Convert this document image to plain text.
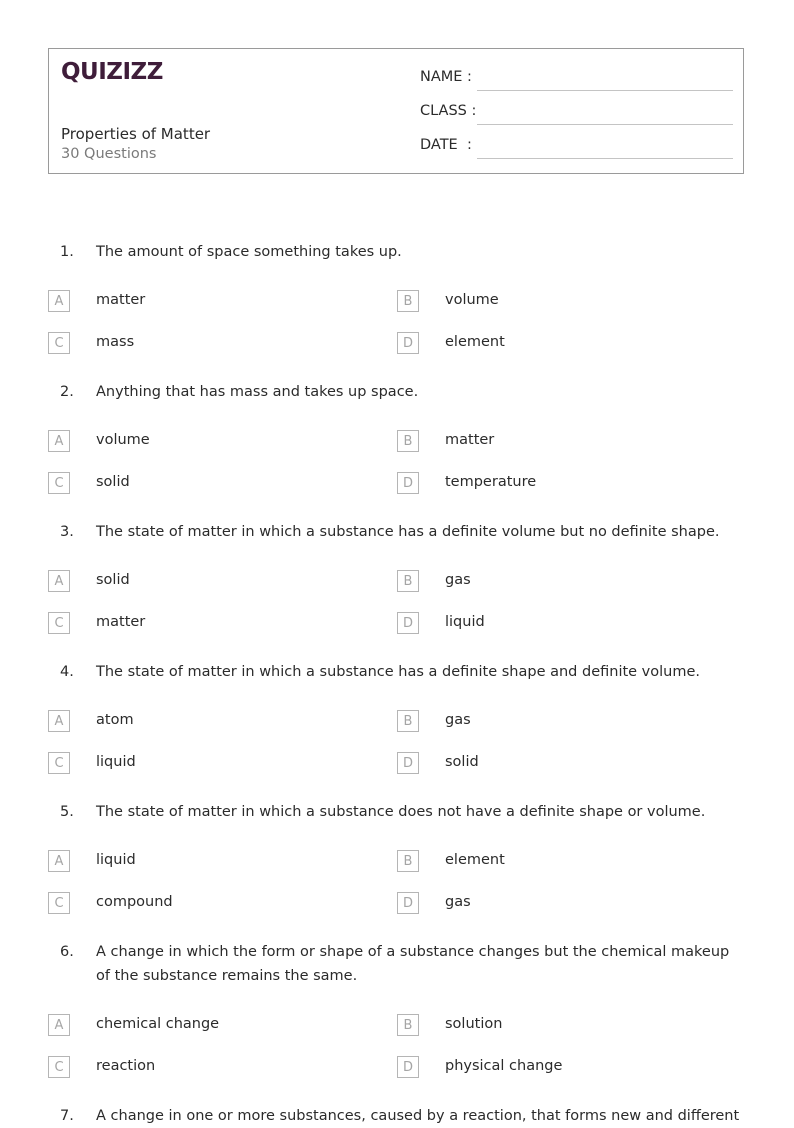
QUIZIZZ
Properties of Matter
30 Questions
NAME :
CLASS :
DATE  :
1. The amount of space something takes up.
A	matter	B	volume
C	mass	D	element
2. Anything that has mass and takes up space.
A	volume	B	matter
C	solid	D	temperature
3. The state of matter in which a substance has a definite volume but no definite shape.
A	solid	B	gas
C	matter	D	liquid
4. The state of matter in which a substance has a definite shape and definite volume.
A	atom	B	gas
C	liquid	D	solid
5. The state of matter in which a substance does not have a definite shape or volume.
A	liquid	B	element
C	compound	D	gas
6. A change in which the form or shape of a substance changes but the chemical makeup of the substance remains the same.
A	chemical change	B	solution
C	reaction	D	physical change
7. A change in one or more substances, caused by a reaction, that forms new and different
